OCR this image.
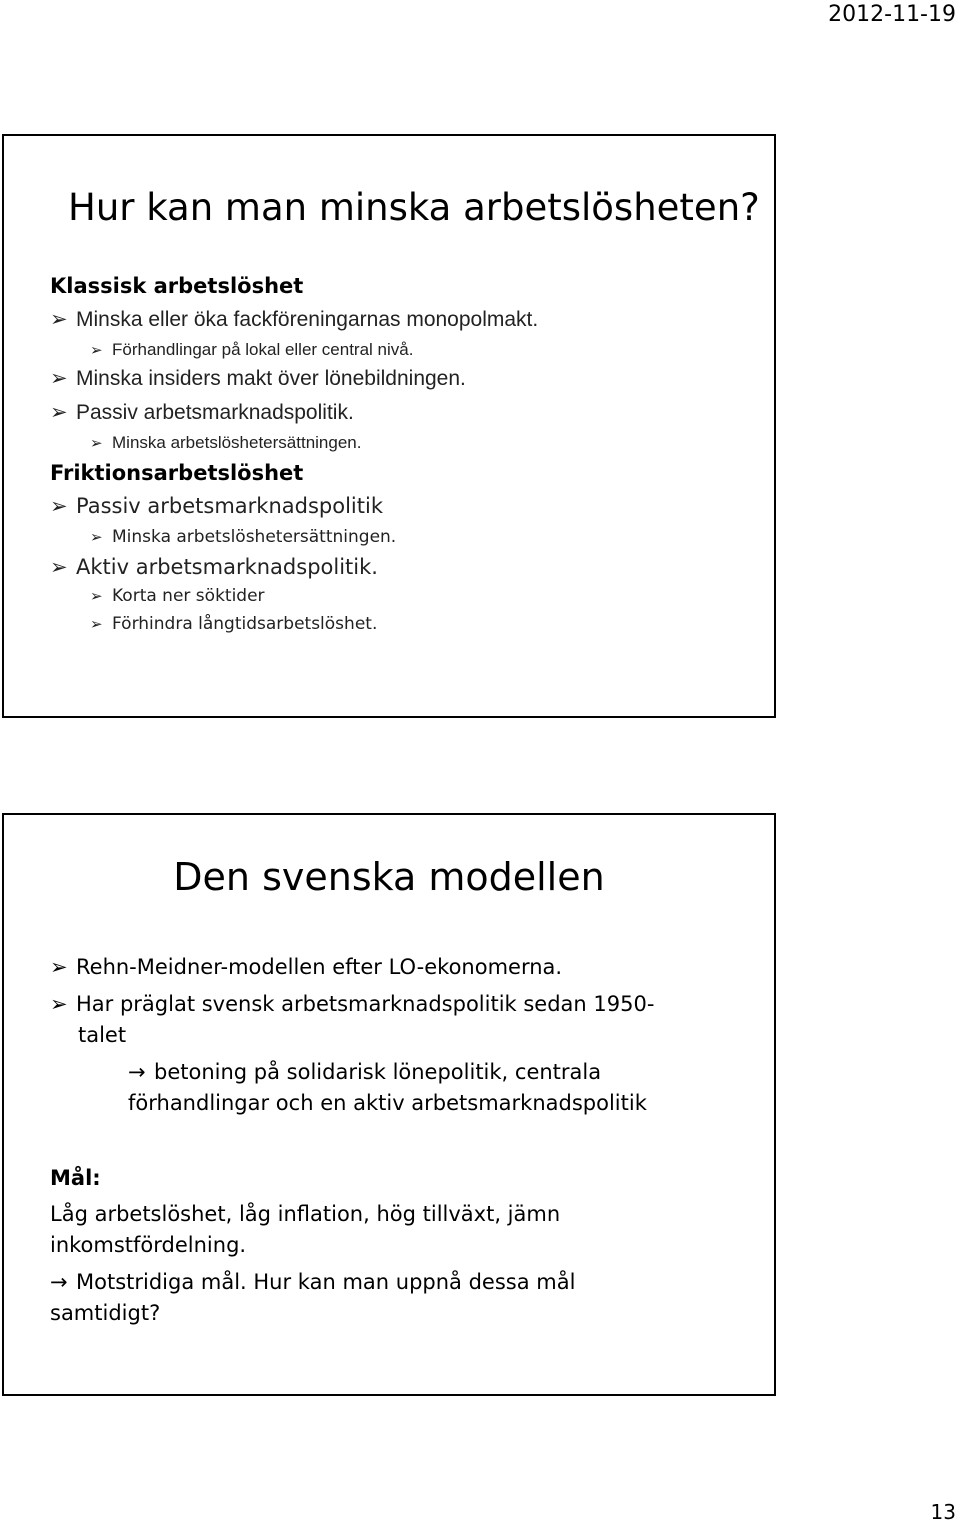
2012-11-19
Hur kan man minska arbetslösheten?
Klassisk arbetslöshet
➢ Minska eller öka fackföreningarnas monopolmakt.
➢ Förhandlingar på lokal eller central nivå.
➢ Minska insiders makt över lönebildningen.
➢ Passiv arbetsmarknadspolitik.
➢ Minska arbetslöshetersättningen.
Friktionsarbetslöshet
➢ Passiv arbetsmarknadspolitik
➢ Minska arbetslöshetersättningen.
➢ Aktiv arbetsmarknadspolitik.
➢ Korta ner söktider
➢ Förhindra långtidsarbetslöshet.
Den svenska modellen
➢ Rehn-Meidner-modellen efter LO-ekonomerna.
➢ Har präglat svensk arbetsmarknadspolitik sedan 1950-
talet
→ betoning på solidarisk lönepolitik, centrala
förhandlingar och en aktiv arbetsmarknadspolitik
Mål:
Låg arbetslöshet, låg inflation, hög tillväxt, jämn
inkomstfördelning.
→ Motstridiga mål. Hur kan man uppnå dessa mål
samtidigt?
13
